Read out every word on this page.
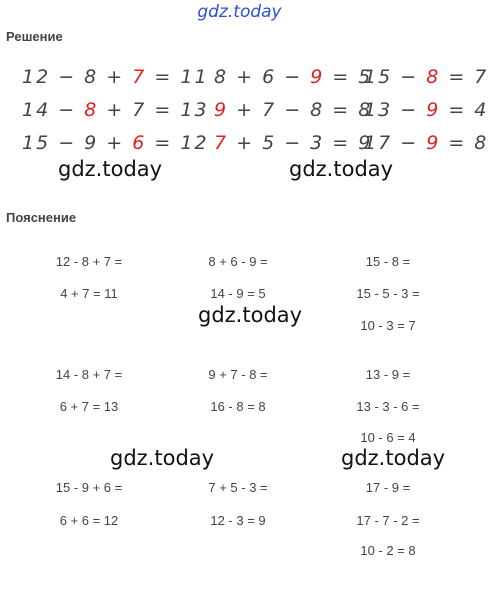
gdz.today
Решение
12 − 8 + 7 = 11
14 − 8 + 7 = 13
15 − 9 + 6 = 12
8 + 6 − 9 = 5
9 + 7 − 8 = 8
7 + 5 − 3 = 9
15 − 8 = 7
13 − 9 = 4
17 − 9 = 8
gdz.today	gdz.today
Пояснение
12 - 8 + 7 =
4 + 7 = 11
8 + 6 - 9 =
14 - 9 = 5
15 - 8 =
15 - 5 - 3 =
10 - 3 = 7
gdz.today
14 - 8 + 7 =
6 + 7 = 13
9 + 7 - 8 =
16 - 8 = 8
13 - 9 =
13 - 3 - 6 =
10 - 6 = 4
gdz.today	gdz.today
15 - 9 + 6 =
6 + 6 = 12
7 + 5 - 3 =
12 - 3 = 9
17 - 9 =
17 - 7 - 2 =
10 - 2 = 8
